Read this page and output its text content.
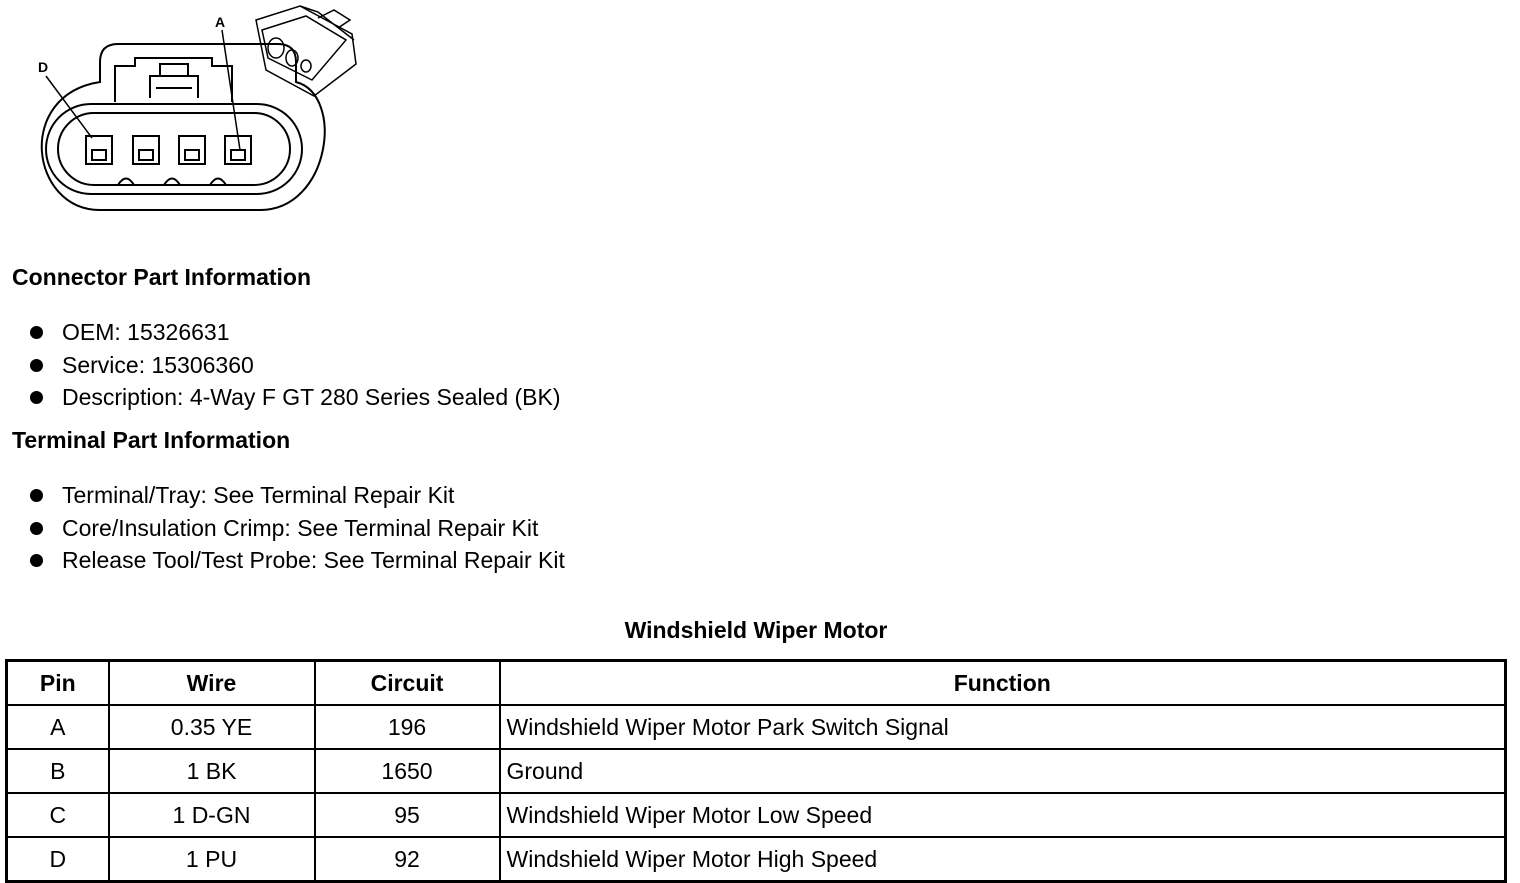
D
A
Connector Part Information
OEM: 15326631
Service: 15306360
Description: 4-Way F GT 280 Series Sealed (BK)
Terminal Part Information
Terminal/Tray: See Terminal Repair Kit
Core/Insulation Crimp: See Terminal Repair Kit
Release Tool/Test Probe: See Terminal Repair Kit
Windshield Wiper Motor
Pin	Wire	Circuit	Function
A	0.35 YE	196	Windshield Wiper Motor Park Switch Signal
B	1 BK	1650	Ground
C	1 D-GN	95	Windshield Wiper Motor Low Speed
D	1 PU	92	Windshield Wiper Motor High Speed
